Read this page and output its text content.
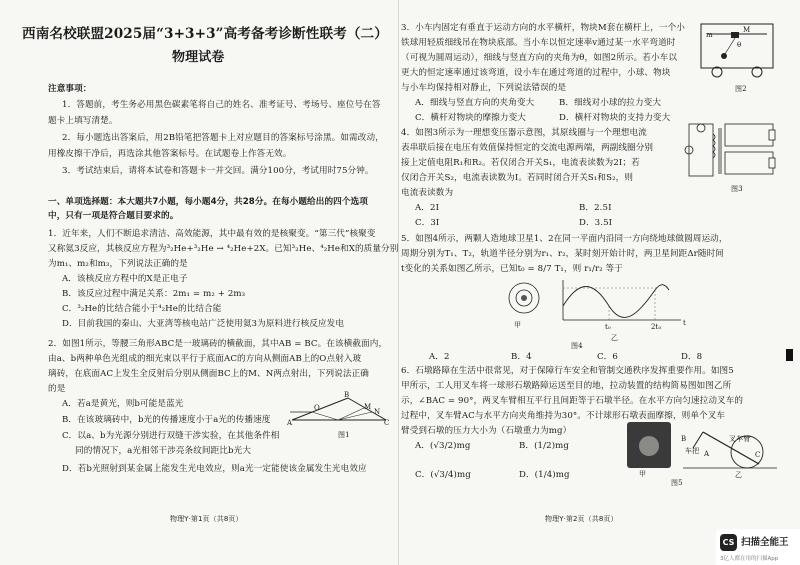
西南名校联盟2025届“3+3+3”高考备考诊断性联考（二）
物理试卷
注意事项：
1．答题前，考生务必用黑色碳素笔将自己的姓名、准考证号、考场号、座位号在答
题卡上填写清楚。
2．每小题选出答案后，用2B铅笔把答题卡上对应题目的答案标号涂黑。如需改动，
用橡皮擦干净后，再选涂其他答案标号。在试题卷上作答无效。
3．考试结束后，请将本试卷和答题卡一并交回。满分100分，考试用时75分钟。
一、单项选择题：本大题共7小题，每小题4分，共28分。在每小题给出的四个选项
中，只有一项是符合题目要求的。
1．近年来，人们不断追求清洁、高效能源，其中最有效的是核聚变。“第三代”核聚变
又称氦3反应，其核反应方程为³₂He+³₂He → ⁴₂He+2X。已知³₂He、⁴₂He和X的质量分别
为m₁、m₂和m₃，下列说法正确的是
A．该核反应方程中的X是正电子
B．该反应过程中满足关系：2m₁ = m₂ + 2m₃
C．³₂He的比结合能小于⁴₂He的比结合能
D．目前我国的秦山、大亚湾等核电站广泛使用氦3为原料进行核反应发电
2．如图1所示，等腰三角形ABC是一玻璃砖的横截面，其中AB = BC。在该横截面内，
由a、b两种单色光组成的细光束以平行于底面AC的方向从侧面AB上的O点射入玻
璃砖，在底面AC上发生全反射后分别从侧面BC上的M、N两点射出，下列说法正确
的是
A．若a是黄光，则b可能是蓝光
B．在该玻璃砖中，b光的传播速度小于a光的传播速度
C．以a、b为光源分别进行双缝干涉实验，在其他条件相
同的情况下，a光相邻干涉亮条纹间距比b光大
D．若b光照射到某金属上能发生光电效应，则a光一定能使该金属发生光电效应
B
O
A	C
M
N
图1
物理Y·第1页（共8页）
3．小车内固定有垂直于运动方向的水平横杆，物块M套在横杆上，一个小
铁球用轻质细线吊在物块底部。当小车以恒定速率v通过某一水平弯道时
（可视为圆周运动），细线与竖直方向的夹角为θ，如图2所示。若小车以
更大的恒定速率通过该弯道，设小车在通过弯道的过程中，小球、物块
与小车均保持相对静止，下列说法错误的是
A．细线与竖直方向的夹角变大	B．细线对小球的拉力变大
C．横杆对物块的摩擦力变大	D．横杆对物块的支持力变大
m
M
θ
图2
4．如图3所示为一理想变压器示意图，其原线圈与一个理想电流
表串联后接在电压有效值保持恒定的交流电源两端，两副线圈分别
接上定值电阻R₁和R₂。若仅闭合开关S₁，电流表读数为2I；若
仅闭合开关S₂，电流表读数为I。若同时闭合开关S₁和S₂，则
电流表读数为
A．2I	B．2.5I
C．3I	D．3.5I
图3
5．如图4所示，两颗人造地球卫星1、2在同一平面内沿同一方向绕地球做圆周运动，
周期分别为T₁、T₂，轨道半径分别为r₁、r₂，某时刻开始计时，两卫星间距Δr随时间
t变化的关系如图乙所示，已知t₀ = 8/7 T₁，则 r₁/r₂ 等于
甲	t₀	2t₀	t
乙
图4
A．2	B．4	C．6	D．8
6．石墩路障在生活中很常见，对于保障行车安全和管制交通秩序发挥重要作用。如图5
甲所示，工人用叉车将一球形石墩路障运送至目的地，拉动装置的结构简易图如图乙所
示，∠BAC = 90°，两叉车臂相互平行且间距等于石墩半径。在水平方向匀速拉动叉车的
过程中，叉车臂AC与水平方向夹角维持为30°。不计球形石墩表面摩擦，则单个叉车
臂受到石墩的压力大小为（石墩重力为mg）
A．(√3/2)mg	B．(1/2)mg
C．(√3/4)mg	D．(1/4)mg
B
A	C
叉车臂
车把
甲	乙
图5
物理Y·第2页（共8页）
CS 扫描全能王
3亿人都在用的扫描App
